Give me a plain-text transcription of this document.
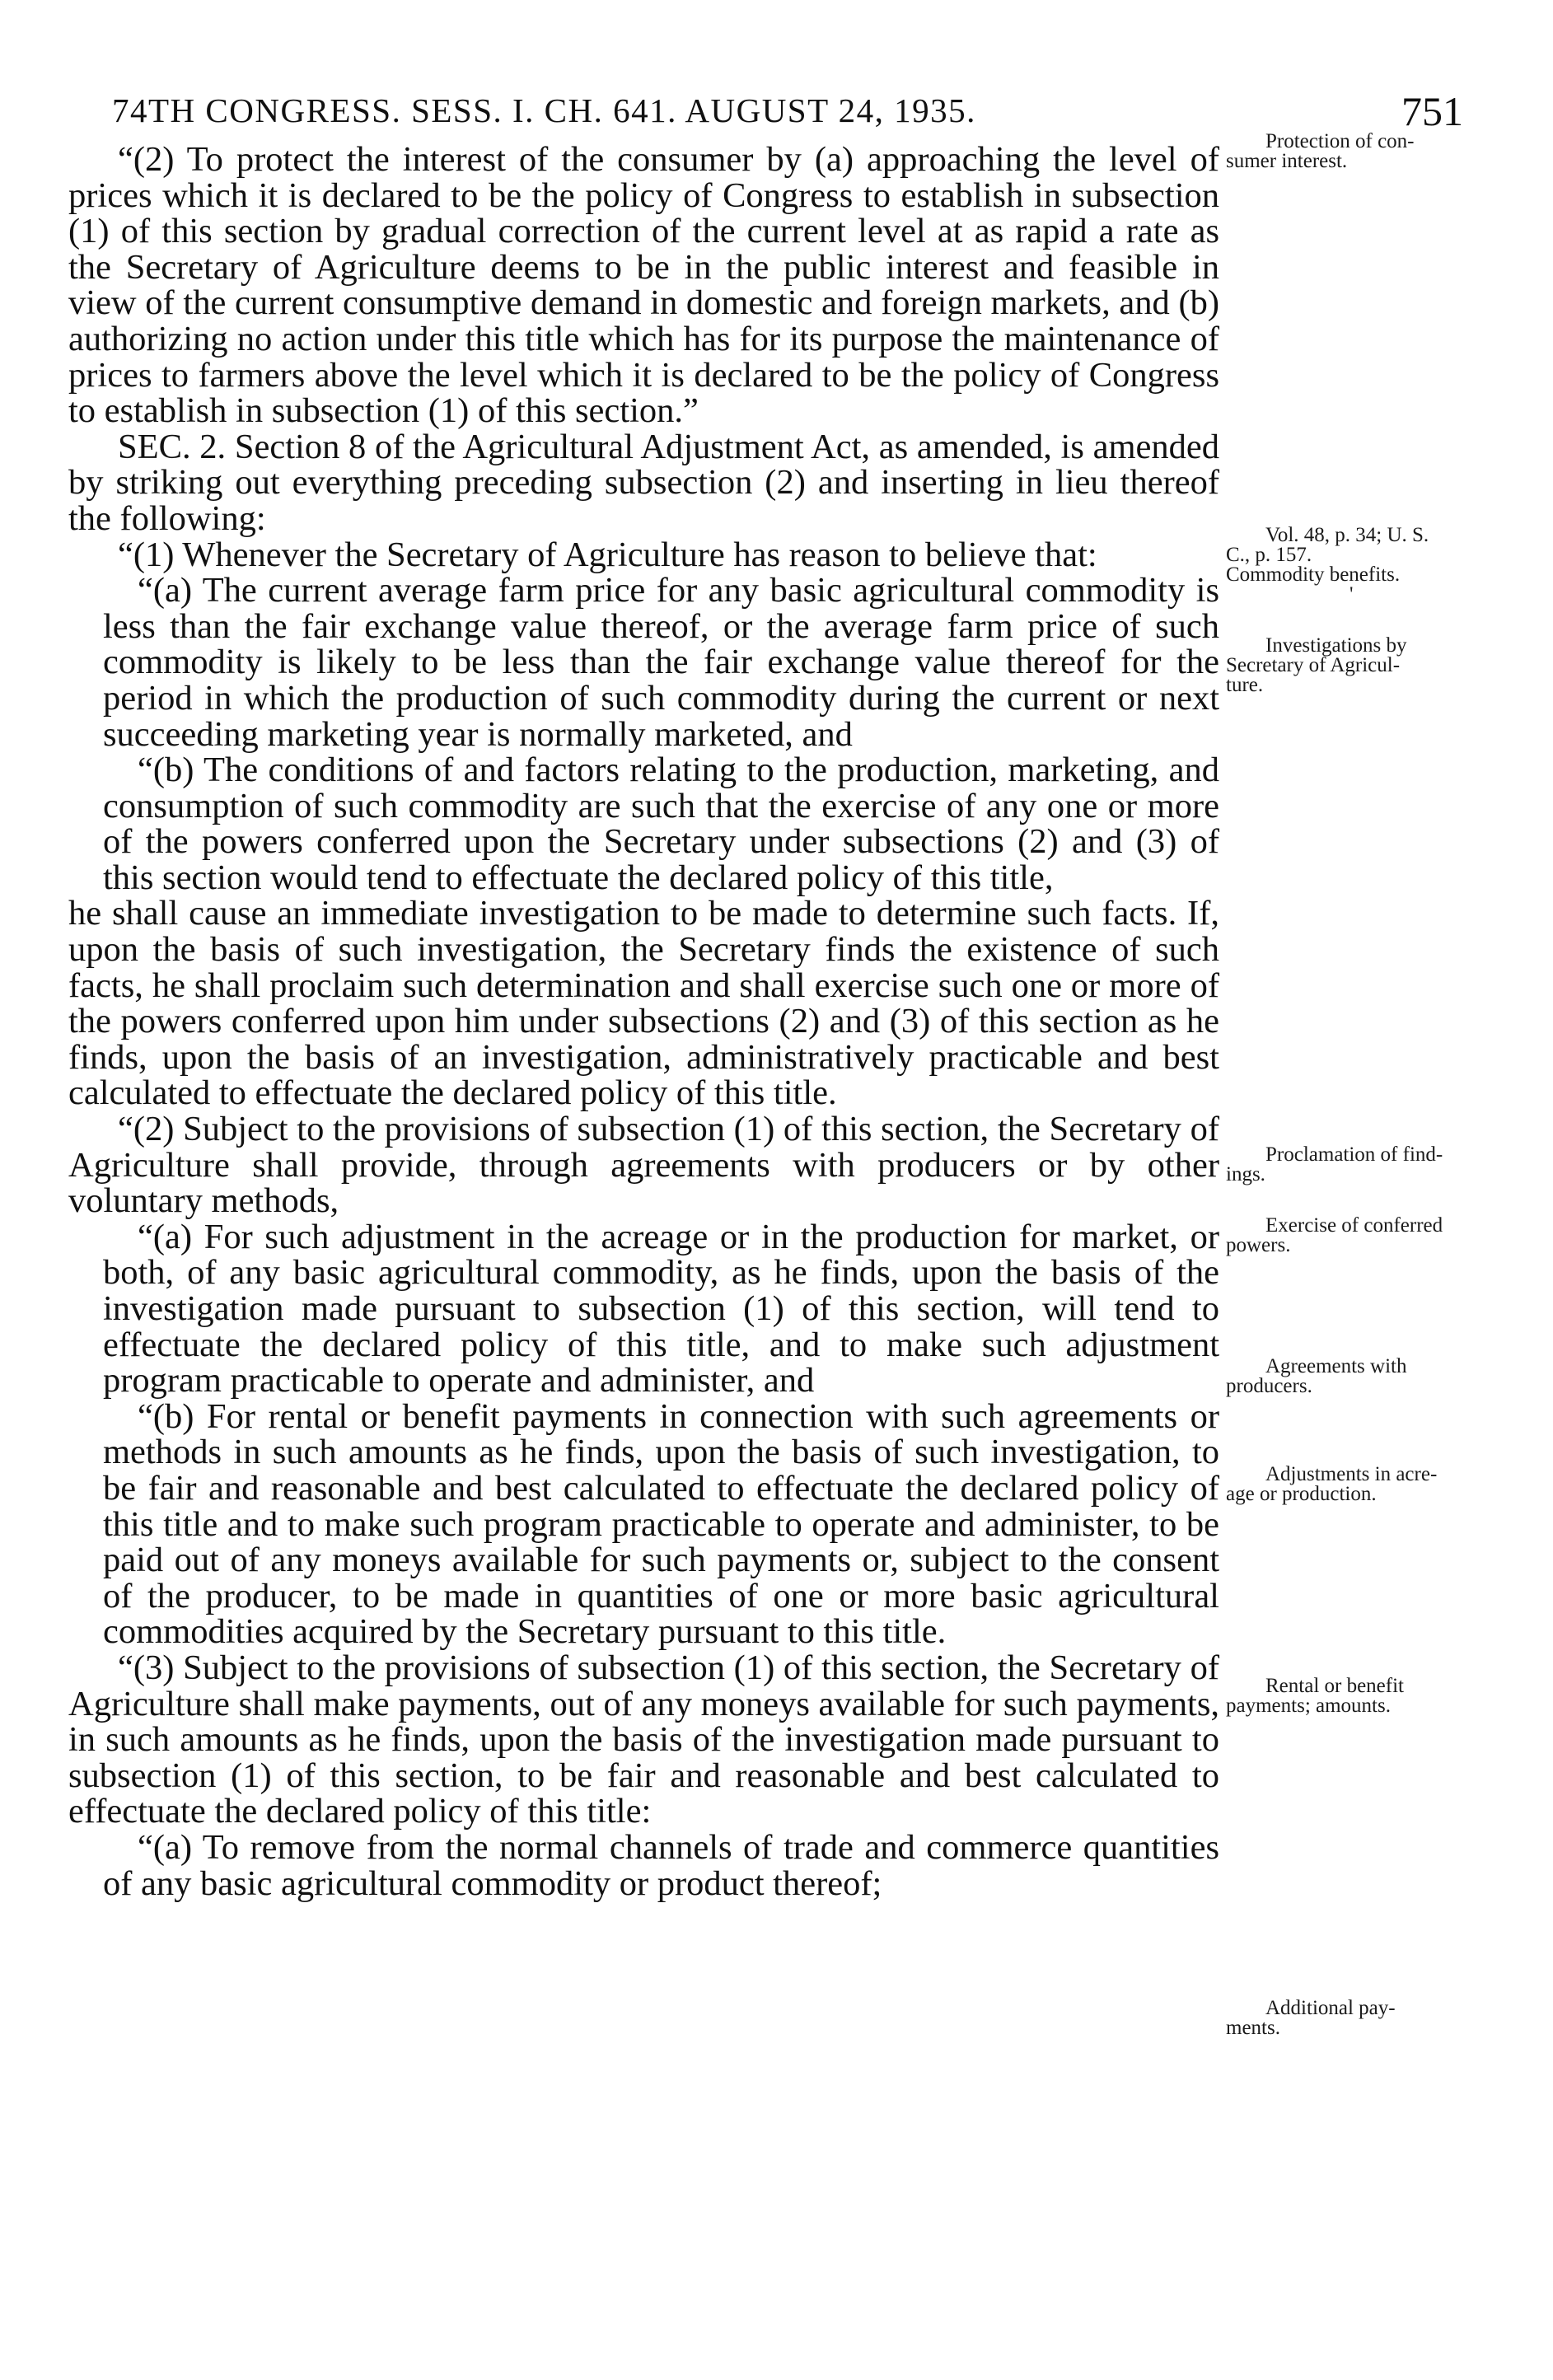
74TH CONGRESS. SESS. I. CH. 641. AUGUST 24, 1935.	751

“(2) To protect the interest of the consumer by (a) approaching the level of prices which it is declared to be the policy of Congress to establish in subsection (1) of this section by gradual correction of the current level at as rapid a rate as the Secretary of Agriculture deems to be in the public interest and feasible in view of the current consumptive demand in domestic and foreign markets, and (b) authorizing no action under this title which has for its purpose the maintenance of prices to farmers above the level which it is declared to be the policy of Congress to establish in subsection (1) of this section.”

SEC. 2. Section 8 of the Agricultural Adjustment Act, as amended, is amended by striking out everything preceding subsection (2) and inserting in lieu thereof the following:

“(1) Whenever the Secretary of Agriculture has reason to believe that:

“(a) The current average farm price for any basic agricultural commodity is less than the fair exchange value thereof, or the average farm price of such commodity is likely to be less than the fair exchange value thereof for the period in which the production of such commodity during the current or next succeeding marketing year is normally marketed, and

“(b) The conditions of and factors relating to the production, marketing, and consumption of such commodity are such that the exercise of any one or more of the powers conferred upon the Secretary under subsections (2) and (3) of this section would tend to effectuate the declared policy of this title,

he shall cause an immediate investigation to be made to determine such facts. If, upon the basis of such investigation, the Secretary finds the existence of such facts, he shall proclaim such determination and shall exercise such one or more of the powers conferred upon him under subsections (2) and (3) of this section as he finds, upon the basis of an investigation, administratively practicable and best calculated to effectuate the declared policy of this title.

“(2) Subject to the provisions of subsection (1) of this section, the Secretary of Agriculture shall provide, through agreements with producers or by other voluntary methods,

“(a) For such adjustment in the acreage or in the production for market, or both, of any basic agricultural commodity, as he finds, upon the basis of the investigation made pursuant to subsection (1) of this section, will tend to effectuate the declared policy of this title, and to make such adjustment program practicable to operate and administer, and

“(b) For rental or benefit payments in connection with such agreements or methods in such amounts as he finds, upon the basis of such investigation, to be fair and reasonable and best calculated to effectuate the declared policy of this title and to make such program practicable to operate and administer, to be paid out of any moneys available for such payments or, subject to the consent of the producer, to be made in quantities of one or more basic agricultural commodities acquired by the Secretary pursuant to this title.

“(3) Subject to the provisions of subsection (1) of this section, the Secretary of Agriculture shall make payments, out of any moneys available for such payments, in such amounts as he finds, upon the basis of the investigation made pursuant to subsection (1) of this section, to be fair and reasonable and best calculated to effectuate the declared policy of this title:

“(a) To remove from the normal channels of trade and commerce quantities of any basic agricultural commodity or product thereof;

Protection of con-
sumer interest.
Vol. 48, p. 34; U. S.
C., p. 157.
Commodity benefits.
'
Investigations by
Secretary of Agricul-
ture.
Proclamation of find-
ings.
Exercise of conferred
powers.
Agreements with
producers.
Adjustments in acre-
age or production.
Rental or benefit
payments; amounts.
Additional pay-
ments.
